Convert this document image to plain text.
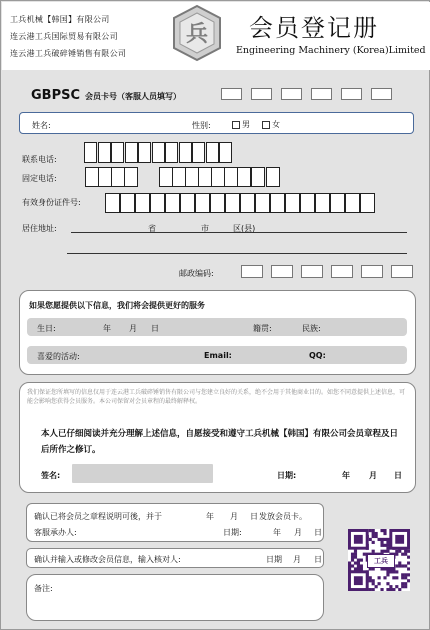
工兵机械【韩国】有限公司
连云港工兵国际贸易有限公司
连云港工兵破碎锤销售有限公司
兵 会员登记册
Engineering Machinery (Korea)Limited
GBPSC 会员卡号（客服人员填写）
姓名:	性别:	男	女
联系电话:
固定电话:
有效身份证件号:
居住地址:	省	市	区(县)
邮政编码:
如果您愿提供以下信息，我们将会提供更好的服务
生日:	年 月 日	籍贯:	民族:
喜爱的活动:	Email:	QQ:
我们保证您所填写的信息仅用于连云港工兵破碎锤销售有限公司与您建立良好的关系，绝不会用于其他商业目的。如您不同意提供上述信息，可能会影响您获得会员服务。本公司保留对会员章程的最终解释权。
本人已仔细阅读并充分理解上述信息，自愿接受和遵守工兵机械【韩国】有限公司会员章程及日后所作之修订。
签名:	日期:	年 月 日
确认已将会员之章程说明可後，并于	年 月 日 发放会员卡。
客服承办人:	日期:	年 月 日
确认并输入或修改会员信息，输入核对人:	日期 月 日
备注:
工兵
